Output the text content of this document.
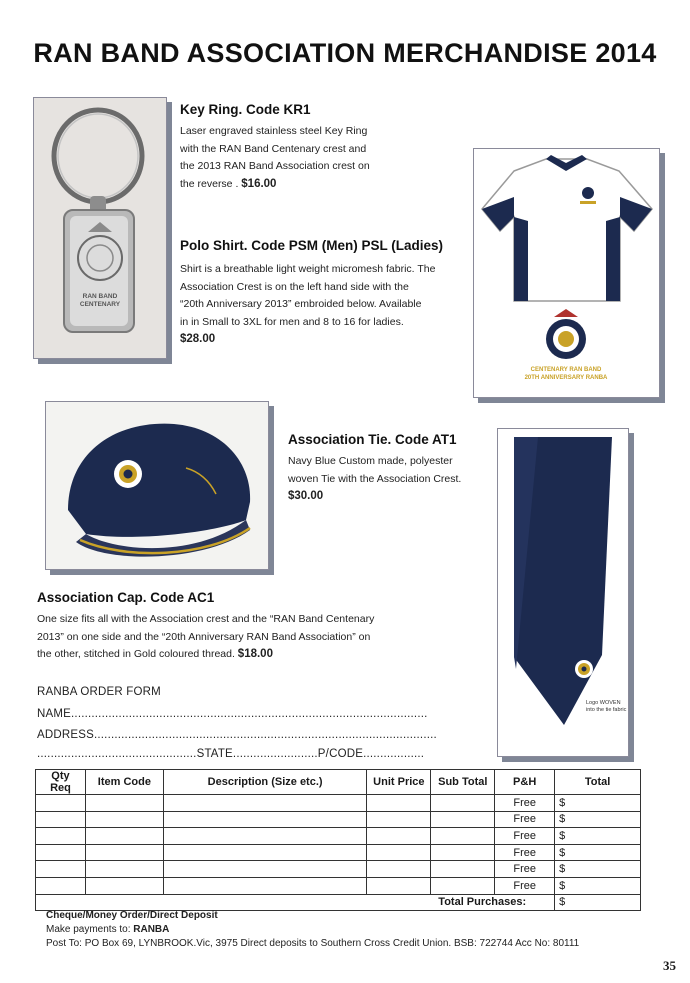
RAN BAND ASSOCIATION MERCHANDISE 2014
RAN BAND
CENTENARY
Key Ring. Code KR1
Laser engraved stainless steel Key Ring
with the RAN Band Centenary crest and
the 2013 RAN Band Association crest on
the reverse . $16.00
Polo Shirt. Code PSM (Men) PSL (Ladies)
Shirt is a breathable light weight micromesh fabric. The
Association Crest is on the left hand side with the
“20th Anniversary 2013” embroided below. Available
in in Small to 3XL for men and 8 to 16 for ladies.
$28.00
CENTENARY RAN BAND
20TH ANNIVERSARY RANBA
Association Tie. Code AT1
Navy Blue Custom made, polyester
woven Tie with the Association Crest.
$30.00
Logo WOVEN
into the tie fabric
Association Cap. Code AC1
One size fits all with the Association crest and the “RAN Band Centenary
2013” on one side and the “20th Anniversary RAN Band Association” on
the other, stitched in Gold coloured thread. $18.00
RANBA ORDER FORM
NAME.........................................................................................................
ADDRESS.....................................................................................................
...............................................STATE.........................P/CODE..................
Qty Req	Item Code	Description (Size etc.)	Unit Price	Sub Total	P&H	Total
					Free	$
					Free	$
					Free	$
					Free	$
					Free	$
					Free	$
Total Purchases:						$
Cheque/Money Order/Direct Deposit
Make payments to: RANBA
Post To: PO Box 69, LYNBROOK.Vic, 3975 Direct deposits to Southern Cross Credit Union. BSB: 722744 Acc No: 80111
35
